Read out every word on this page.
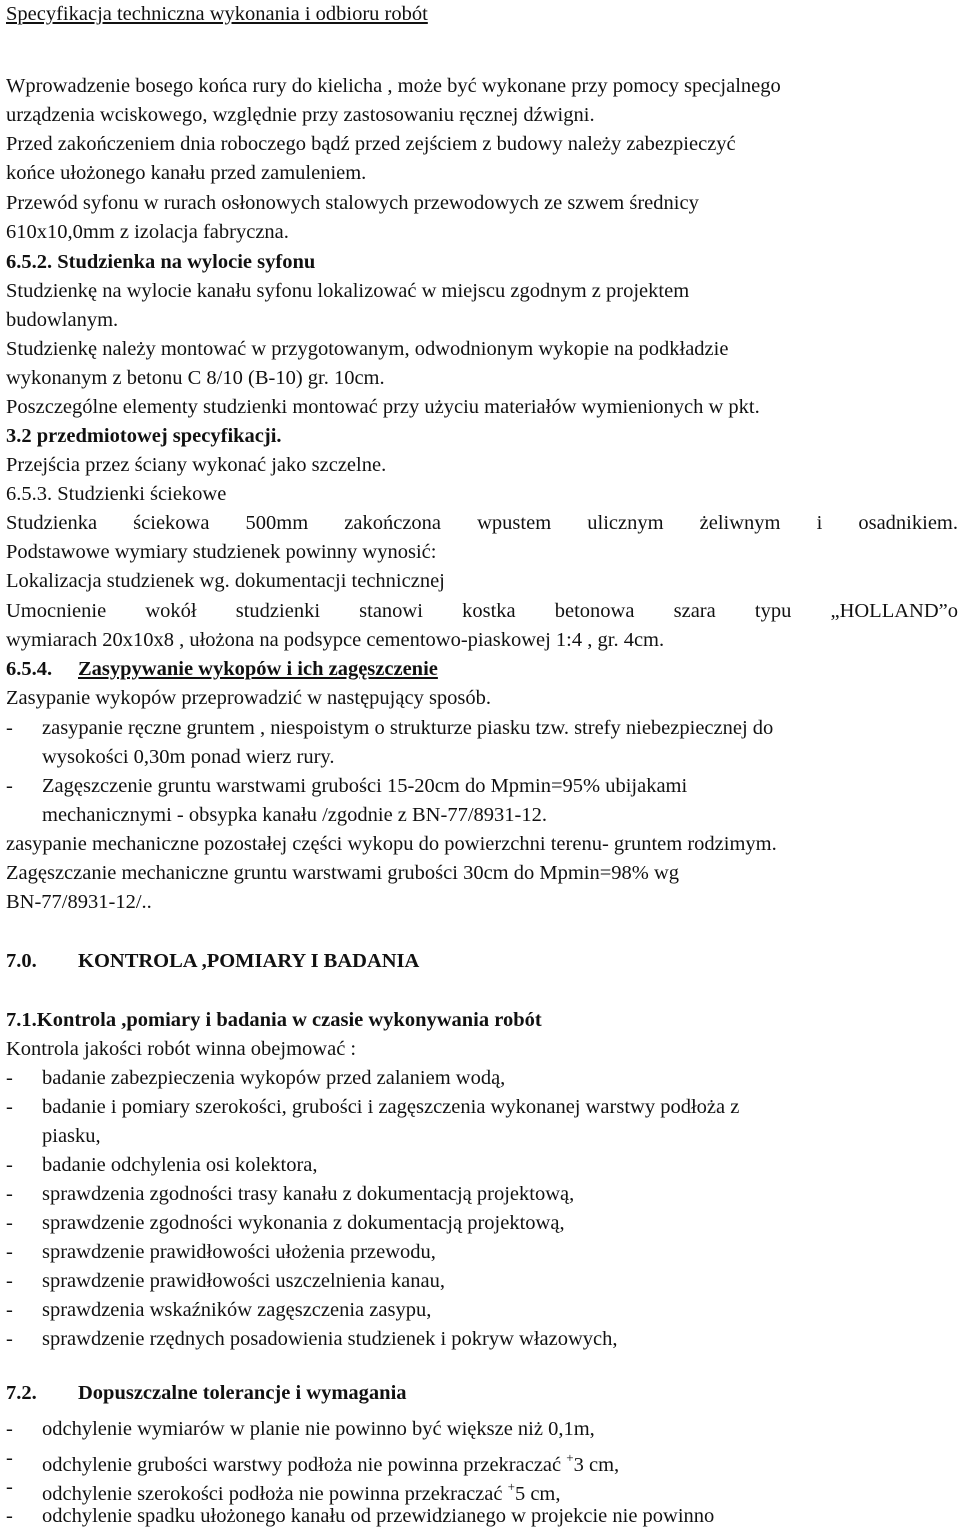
Specyfikacja techniczna wykonania i odbioru robót
Wprowadzenie bosego końca rury do kielicha , może być wykonane przy pomocy specjalnego
urządzenia wciskowego, względnie przy zastosowaniu ręcznej dźwigni.
Przed zakończeniem dnia roboczego bądź przed zejściem z budowy należy zabezpieczyć
końce ułożonego kanału przed zamuleniem.
Przewód syfonu w rurach osłonowych stalowych przewodowych ze szwem średnicy
610x10,0mm z izolacja fabryczna.
6.5.2. Studzienka na wylocie syfonu
Studzienkę na wylocie kanału syfonu lokalizować w miejscu zgodnym z projektem
budowlanym.
Studzienkę należy montować w przygotowanym, odwodnionym wykopie na podkładzie
wykonanym z betonu C 8/10 (B-10) gr. 10cm.
Poszczególne elementy studzienki montować przy użyciu materiałów wymienionych w pkt.
3.2 przedmiotowej specyfikacji.
Przejścia przez ściany wykonać jako szczelne.
6.5.3. Studzienki ściekowe
Studzienka ściekowa 500mm zakończona wpustem ulicznym żeliwnym i osadnikiem.
Podstawowe wymiary studzienek powinny wynosić:
Lokalizacja studzienek wg. dokumentacji technicznej
Umocnienie wokół studzienki stanowi kostka betonowa szara typu „HOLLAND”o
wymiarach 20x10x8 , ułożona na podsypce cementowo-piaskowej 1:4 , gr. 4cm.
6.5.4. Zasypywanie wykopów i ich zagęszczenie
Zasypanie wykopów przeprowadzić w następujący sposób.
- zasypanie ręczne gruntem , niespoistym o strukturze piasku tzw. strefy niebezpiecznej do
wysokości 0,30m ponad wierz rury.
- Zagęszczenie gruntu warstwami grubości 15-20cm do Mpmin=95% ubijakami
mechanicznymi - obsypka kanału /zgodnie z BN-77/8931-12.
zasypanie mechaniczne pozostałej części wykopu do powierzchni terenu- gruntem rodzimym.
Zagęszczanie mechaniczne gruntu warstwami grubości 30cm do Mpmin=98% wg
BN-77/8931-12/..
7.0. KONTROLA ,POMIARY I BADANIA
7.1.Kontrola ,pomiary i badania w czasie wykonywania robót
Kontrola jakości robót winna obejmować :
- badanie zabezpieczenia wykopów przed zalaniem wodą,
- badanie i pomiary szerokości, grubości i zagęszczenia wykonanej warstwy podłoża z
piasku,
- badanie odchylenia osi kolektora,
- sprawdzenia zgodności trasy kanału z dokumentacją projektową,
- sprawdzenie zgodności wykonania z dokumentacją projektową,
- sprawdzenie prawidłowości ułożenia przewodu,
- sprawdzenie prawidłowości uszczelnienia kanau,
- sprawdzenia wskaźników zagęszczenia zasypu,
- sprawdzenie rzędnych posadowienia studzienek i pokryw włazowych,
7.2. Dopuszczalne tolerancje i wymagania
- odchylenie wymiarów w planie nie powinno być większe niż 0,1m,
- odchylenie grubości warstwy podłoża nie powinna przekraczać +3 cm,
- odchylenie szerokości podłoża nie powinna przekraczać +5 cm,
- odchylenie spadku ułożonego kanału od przewidzianego w projekcie nie powinno
